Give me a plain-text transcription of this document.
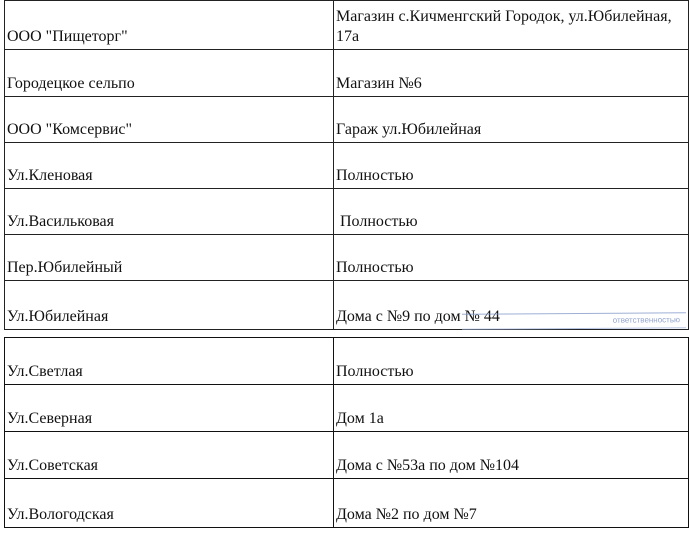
ООО "Пищеторг"	Магазин с.Кичменгский Городок, ул.Юбилейная, 17а
Городецкое сельпо	Магазин №6
ООО "Комсервис"	Гараж ул.Юбилейная
Ул.Кленовая	Полностью
Ул.Васильковая	Полностью
Пер.Юбилейный	Полностью
Ул.Юбилейная	Дома с №9 по дом № 44	ответственностью
Ул.Светлая	Полностью
Ул.Северная	Дом 1а
Ул.Советская	Дома с №53а по дом №104
Ул.Вологодская	Дома №2 по дом №7
